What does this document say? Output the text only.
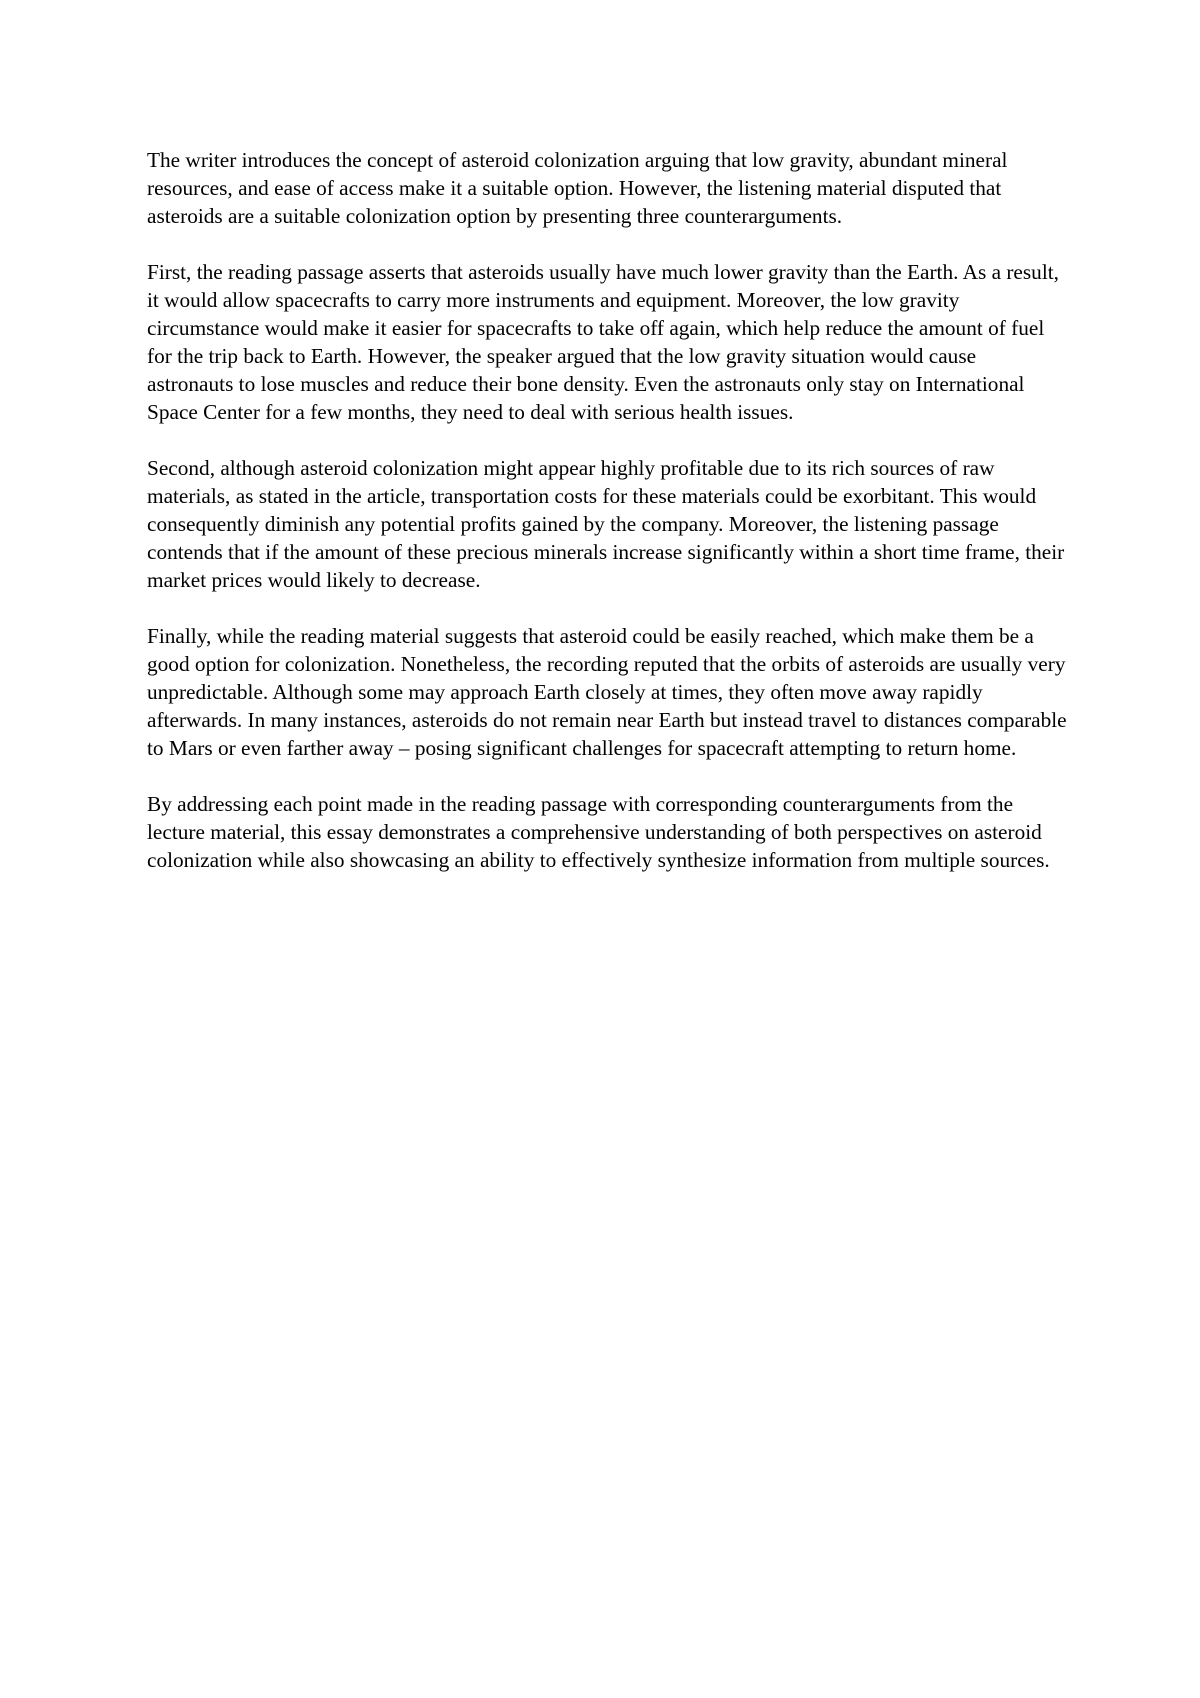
The writer introduces the concept of asteroid colonization arguing that low gravity, abundant mineral resources, and ease of access make it a suitable option. However, the listening material disputed that asteroids are a suitable colonization option by presenting three counterarguments.

First, the reading passage asserts that asteroids usually have much lower gravity than the Earth. As a result, it would allow spacecrafts to carry more instruments and equipment. Moreover, the low gravity circumstance would make it easier for spacecrafts to take off again, which help reduce the amount of fuel for the trip back to Earth. However, the speaker argued that the low gravity situation would cause astronauts to lose muscles and reduce their bone density. Even the astronauts only stay on International Space Center for a few months, they need to deal with serious health issues.

Second, although asteroid colonization might appear highly profitable due to its rich sources of raw materials, as stated in the article, transportation costs for these materials could be exorbitant. This would consequently diminish any potential profits gained by the company. Moreover, the listening passage contends that if the amount of these precious minerals increase significantly within a short time frame, their market prices would likely to decrease.

Finally, while the reading material suggests that asteroid could be easily reached, which make them be a good option for colonization. Nonetheless, the recording reputed that the orbits of asteroids are usually very unpredictable. Although some may approach Earth closely at times, they often move away rapidly afterwards. In many instances, asteroids do not remain near Earth but instead travel to distances comparable to Mars or even farther away – posing significant challenges for spacecraft attempting to return home.

By addressing each point made in the reading passage with corresponding counterarguments from the lecture material, this essay demonstrates a comprehensive understanding of both perspectives on asteroid colonization while also showcasing an ability to effectively synthesize information from multiple sources.
